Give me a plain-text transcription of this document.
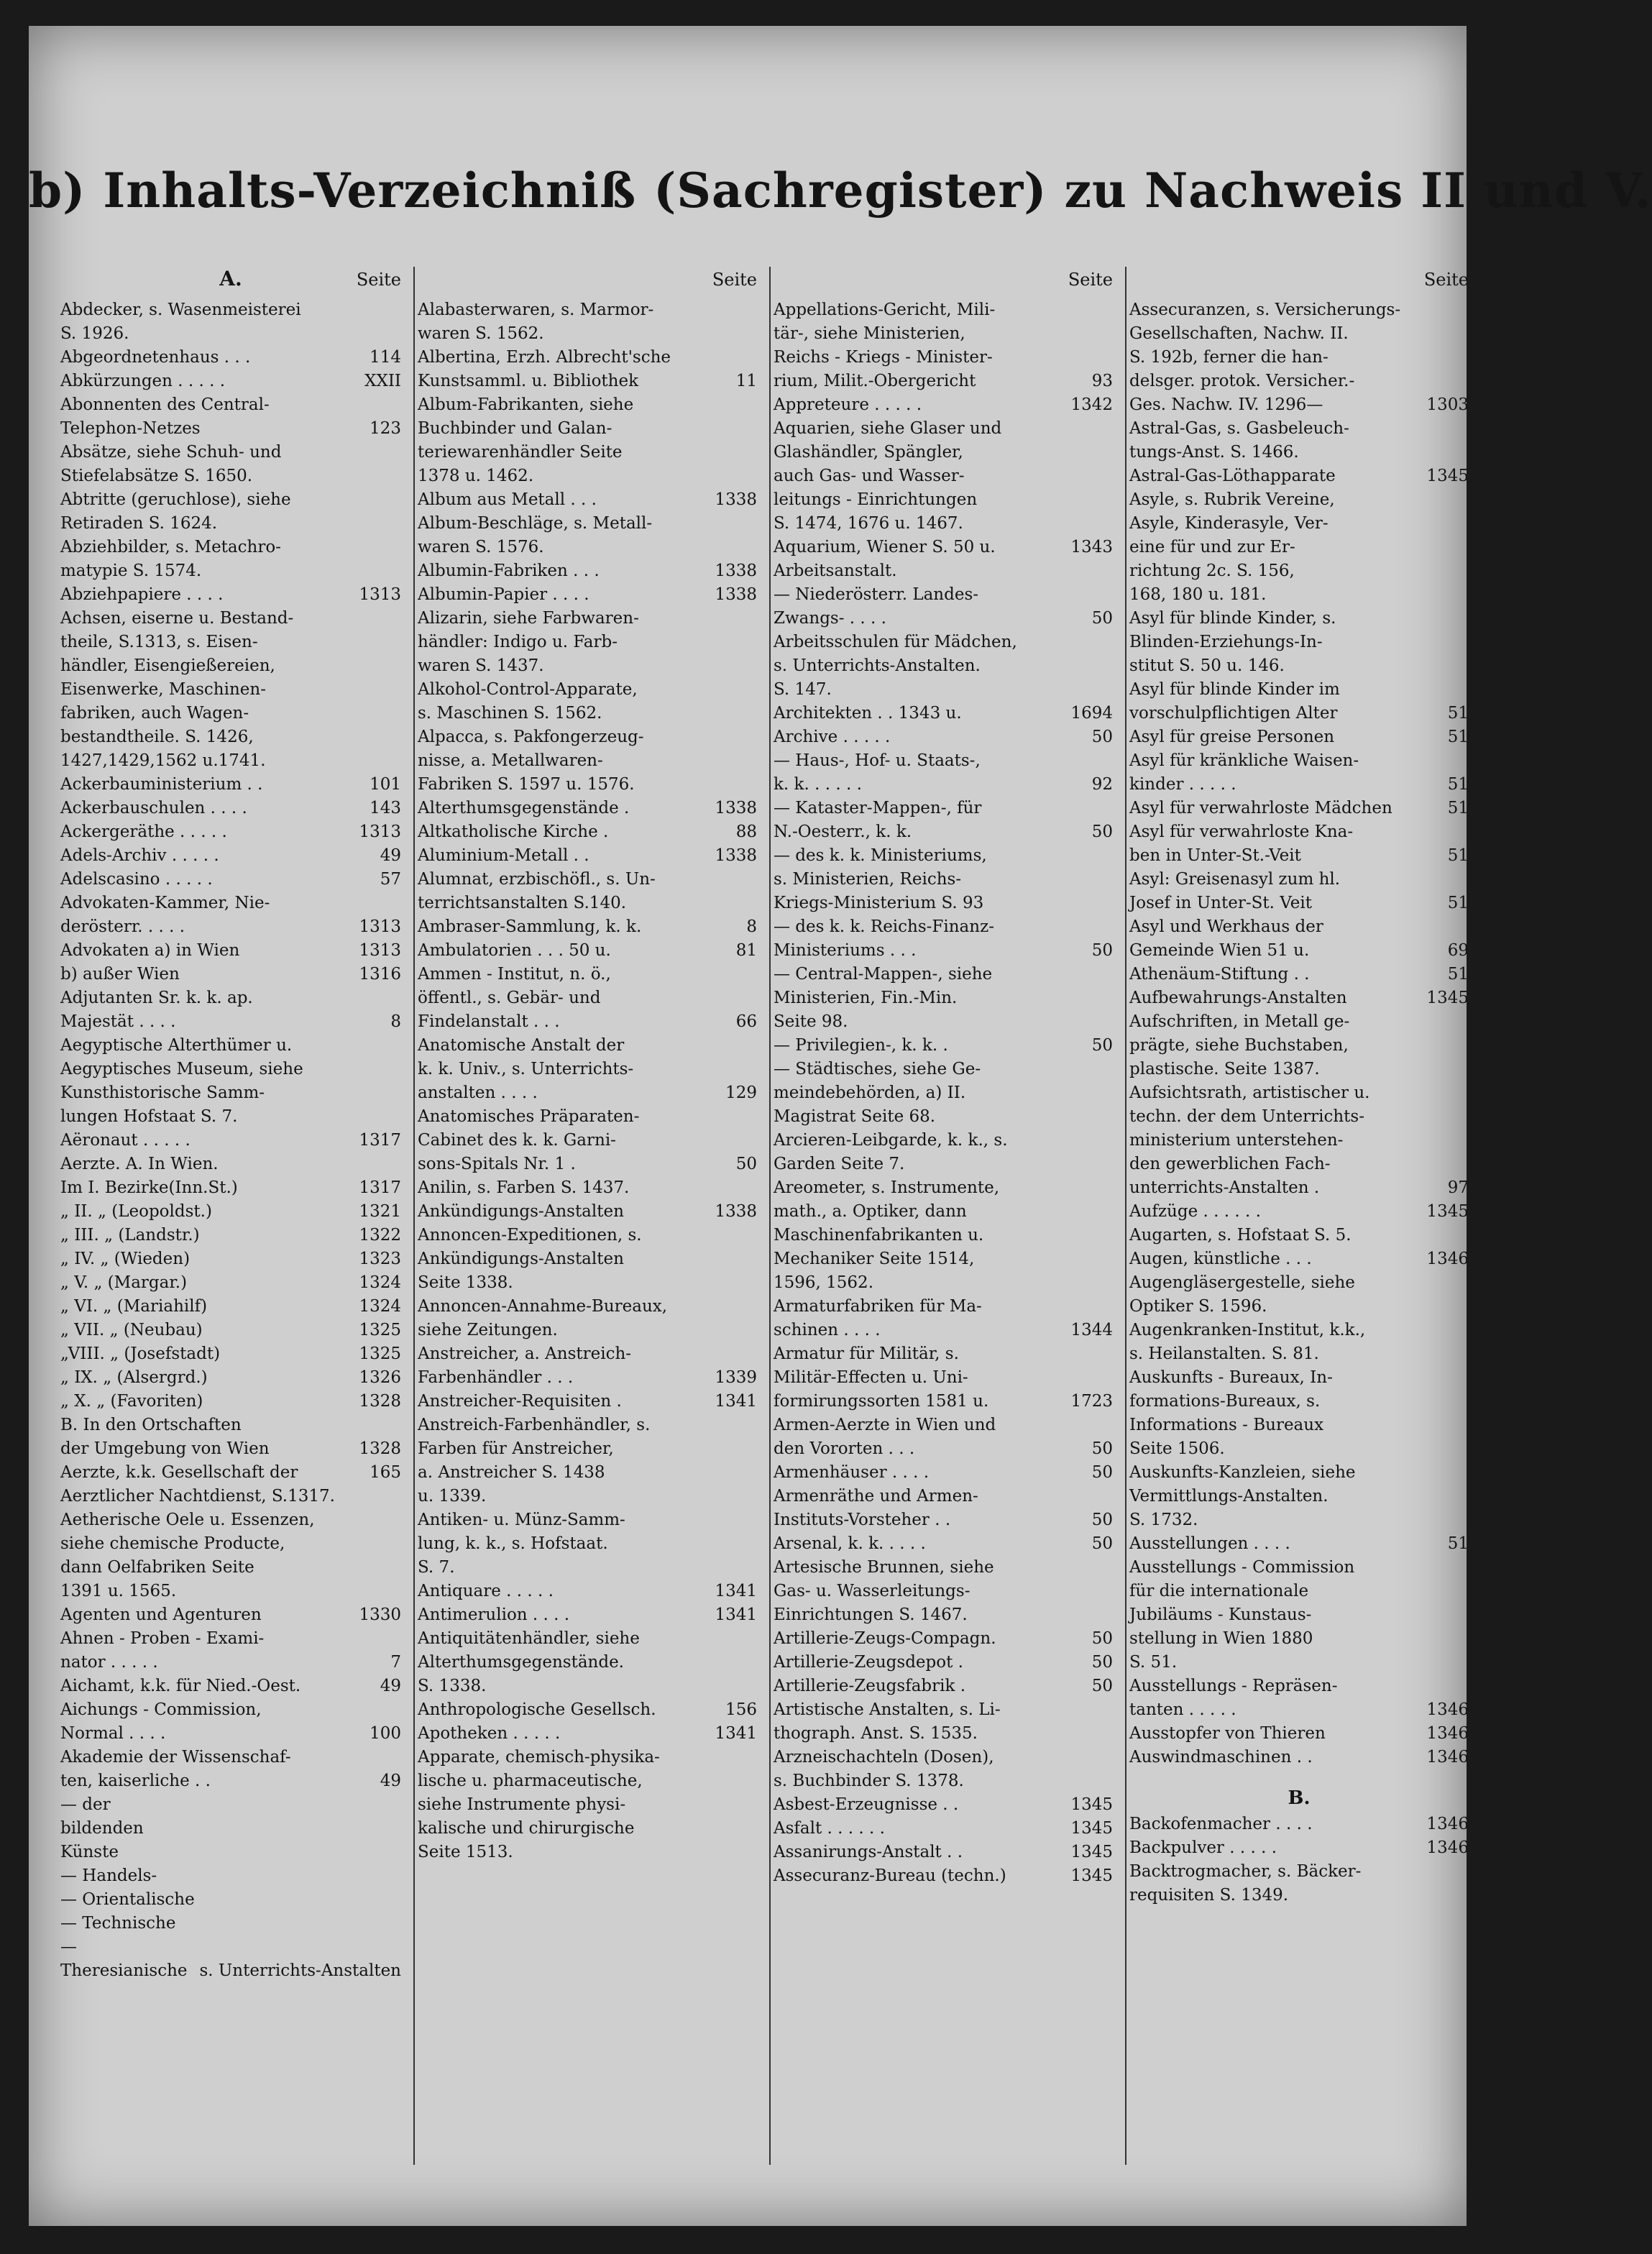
b) Inhalts-Verzeichniß (Sachregister) zu Nachweis II und V.
A.	Seite
Abdecker, s. Wasenmeisterei
S. 1926.
Abgeordnetenhaus . . .	114
Abkürzungen . . . . .	XXII
Abonnenten des Central-
Telephon-Netzes	123
Absätze, siehe Schuh- und
Stiefelabsätze S. 1650.
Abtritte (geruchlose), siehe
Retiraden S. 1624.
Abziehbilder, s. Metachro-
matypie S. 1574.
Abziehpapiere . . . .	1313
Achsen, eiserne u. Bestand-
theile, S.1313, s. Eisen-
händler, Eisengießereien,
Eisenwerke, Maschinen-
fabriken, auch Wagen-
bestandtheile. S. 1426,
1427,1429,1562 u.1741.
Ackerbauministerium . .	101
Ackerbauschulen . . . .	143
Ackergeräthe . . . . .	1313
Adels-Archiv . . . . .	49
Adelscasino . . . . .	57
Advokaten-Kammer, Nie-
derösterr. . . . .	1313
Advokaten a) in Wien	1313
b) außer Wien	1316
Adjutanten Sr. k. k. ap.
Majestät . . . .	8
Aegyptische Alterthümer u.
Aegyptisches Museum, siehe
Kunsthistorische Samm-
lungen Hofstaat S. 7.
Aëronaut . . . . .	1317
Aerzte. A. In Wien.
Im I. Bezirke(Inn.St.)	1317
„ II. „ (Leopoldst.)	1321
„ III. „ (Landstr.)	1322
„ IV. „ (Wieden)	1323
„ V. „ (Margar.)	1324
„ VI. „ (Mariahilf)	1324
„ VII. „ (Neubau)	1325
„VIII. „ (Josefstadt)	1325
„ IX. „ (Alsergrd.)	1326
„ X. „ (Favoriten)	1328
B. In den Ortschaften
der Umgebung von Wien	1328
Aerzte, k.k. Gesellschaft der	165
Aerztlicher Nachtdienst, S.1317.
Aetherische Oele u. Essenzen,
siehe chemische Producte,
dann Oelfabriken Seite
1391 u. 1565.
Agenten und Agenturen	1330
Ahnen - Proben - Exami-
nator . . . . .	7
Aichamt, k.k. für Nied.-Oest.	49
Aichungs - Commission,
Normal . . . .	100
Akademie der Wissenschaf-
ten, kaiserliche . .	49
— der bildenden Künste
— Handels-
— Orientalische
— Technische
— Theresianische s. Unterrichts-Anstalten
Seite
Alabasterwaren, s. Marmor-
waren S. 1562.
Albertina, Erzh. Albrecht'sche
Kunstsamml. u. Bibliothek	11
Album-Fabrikanten, siehe
Buchbinder und Galan-
teriewarenhändler Seite
1378 u. 1462.
Album aus Metall . . .	1338
Album-Beschläge, s. Metall-
waren S. 1576.
Albumin-Fabriken . . .	1338
Albumin-Papier . . . .	1338
Alizarin, siehe Farbwaren-
händler: Indigo u. Farb-
waren S. 1437.
Alkohol-Control-Apparate,
s. Maschinen S. 1562.
Alpacca, s. Pakfongerzeug-
nisse, a. Metallwaren-
Fabriken S. 1597 u. 1576.
Alterthumsgegenstände .	1338
Altkatholische Kirche .	88
Aluminium-Metall . .	1338
Alumnat, erzbischöfl., s. Un-
terrichtsanstalten S.140.
Ambraser-Sammlung, k. k.	8
Ambulatorien . . . 50 u.	81
Ammen - Institut, n. ö.,
öffentl., s. Gebär- und
Findelanstalt . . .	66
Anatomische Anstalt der
k. k. Univ., s. Unterrichts-
anstalten . . . .	129
Anatomisches Präparaten-
Cabinet des k. k. Garni-
sons-Spitals Nr. 1 .	50
Anilin, s. Farben S. 1437.
Ankündigungs-Anstalten	1338
Annoncen-Expeditionen, s.
Ankündigungs-Anstalten
Seite 1338.
Annoncen-Annahme-Bureaux,
siehe Zeitungen.
Anstreicher, a. Anstreich-
Farbenhändler . . .	1339
Anstreicher-Requisiten .	1341
Anstreich-Farbenhändler, s.
Farben für Anstreicher,
a. Anstreicher S. 1438
u. 1339.
Antiken- u. Münz-Samm-
lung, k. k., s. Hofstaat.
S. 7.
Antiquare . . . . .	1341
Antimerulion . . . .	1341
Antiquitätenhändler, siehe
Alterthumsgegenstände.
S. 1338.
Anthropologische Gesellsch.	156
Apotheken . . . . .	1341
Apparate, chemisch-physika-
lische u. pharmaceutische,
siehe Instrumente physi-
kalische und chirurgische
Seite 1513.
Seite
Appellations-Gericht, Mili-
tär-, siehe Ministerien,
Reichs - Kriegs - Minister-
rium, Milit.-Obergericht	93
Appreteure . . . . .	1342
Aquarien, siehe Glaser und
Glashändler, Spängler,
auch Gas- und Wasser-
leitungs - Einrichtungen
S. 1474, 1676 u. 1467.
Aquarium, Wiener S. 50 u.	1343
Arbeitsanstalt.
— Niederösterr. Landes-
Zwangs- . . . .	50
Arbeitsschulen für Mädchen,
s. Unterrichts-Anstalten.
S. 147.
Architekten . . 1343 u.	1694
Archive . . . . .	50
— Haus-, Hof- u. Staats-,
k. k. . . . . .	92
— Kataster-Mappen-, für
N.-Oesterr., k. k.	50
— des k. k. Ministeriums,
s. Ministerien, Reichs-
Kriegs-Ministerium S. 93
— des k. k. Reichs-Finanz-
Ministeriums . . .	50
— Central-Mappen-, siehe
Ministerien, Fin.-Min.
Seite 98.
— Privilegien-, k. k. .	50
— Städtisches, siehe Ge-
meindebehörden, a) II.
Magistrat Seite 68.
Arcieren-Leibgarde, k. k., s.
Garden Seite 7.
Areometer, s. Instrumente,
math., a. Optiker, dann
Maschinenfabrikanten u.
Mechaniker Seite 1514,
1596, 1562.
Armaturfabriken für Ma-
schinen . . . .	1344
Armatur für Militär, s.
Militär-Effecten u. Uni-
formirungssorten 1581 u.	1723
Armen-Aerzte in Wien und
den Vororten . . .	50
Armenhäuser . . . .	50
Armenräthe und Armen-
Instituts-Vorsteher . .	50
Arsenal, k. k. . . . .	50
Artesische Brunnen, siehe
Gas- u. Wasserleitungs-
Einrichtungen S. 1467.
Artillerie-Zeugs-Compagn.	50
Artillerie-Zeugsdepot .	50
Artillerie-Zeugsfabrik .	50
Artistische Anstalten, s. Li-
thograph. Anst. S. 1535.
Arzneischachteln (Dosen),
s. Buchbinder S. 1378.
Asbest-Erzeugnisse . .	1345
Asfalt . . . . . .	1345
Assanirungs-Anstalt . .	1345
Assecuranz-Bureau (techn.)	1345
Seite
Assecuranzen, s. Versicherungs-
Gesellschaften, Nachw. II.
S. 192b, ferner die han-
delsger. protok. Versicher.-
Ges. Nachw. IV. 1296—	1303
Astral-Gas, s. Gasbeleuch-
tungs-Anst. S. 1466.
Astral-Gas-Löthapparate	1345
Asyle, s. Rubrik Vereine,
Asyle, Kinderasyle, Ver-
eine für und zur Er-
richtung 2c. S. 156,
168, 180 u. 181.
Asyl für blinde Kinder, s.
Blinden-Erziehungs-In-
stitut S. 50 u. 146.
Asyl für blinde Kinder im
vorschulpflichtigen Alter	51
Asyl für greise Personen	51
Asyl für kränkliche Waisen-
kinder . . . . .	51
Asyl für verwahrloste Mädchen	51
Asyl für verwahrloste Kna-
ben in Unter-St.-Veit	51
Asyl: Greisenasyl zum hl.
Josef in Unter-St. Veit	51
Asyl und Werkhaus der
Gemeinde Wien 51 u.	69
Athenäum-Stiftung . .	51
Aufbewahrungs-Anstalten	1345
Aufschriften, in Metall ge-
prägte, siehe Buchstaben,
plastische. Seite 1387.
Aufsichtsrath, artistischer u.
techn. der dem Unterrichts-
ministerium unterstehen-
den gewerblichen Fach-
unterrichts-Anstalten .	97
Aufzüge . . . . . .	1345
Augarten, s. Hofstaat S. 5.
Augen, künstliche . . .	1346
Augengläsergestelle, siehe
Optiker S. 1596.
Augenkranken-Institut, k.k.,
s. Heilanstalten. S. 81.
Auskunfts - Bureaux, In-
formations-Bureaux, s.
Informations - Bureaux
Seite 1506.
Auskunfts-Kanzleien, siehe
Vermittlungs-Anstalten.
S. 1732.
Ausstellungen . . . .	51
Ausstellungs - Commission
für die internationale
Jubiläums - Kunstaus-
stellung in Wien 1880
S. 51.
Ausstellungs - Repräsen-
tanten . . . . .	1346
Ausstopfer von Thieren	1346
Auswindmaschinen . .	1346
B.
Backofenmacher . . . .	1346
Backpulver . . . . .	1346
Backtrogmacher, s. Bäcker-
requisiten S. 1349.
